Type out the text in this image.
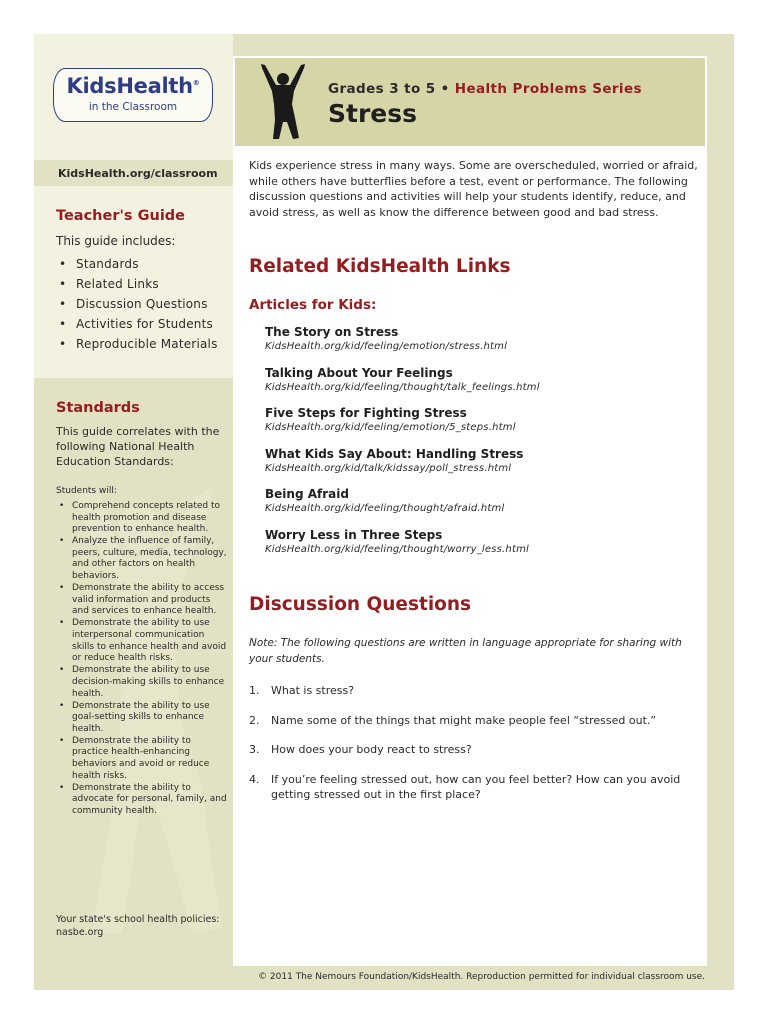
KidsHealth®
in the Classroom
KidsHealth.org/classroom
Teacher's Guide
This guide includes:
• Standards
• Related Links
• Discussion Questions
• Activities for Students
• Reproducible Materials
Standards
This guide correlates with the following National Health Education Standards:
Students will:
• Comprehend concepts related to health promotion and disease prevention to enhance health.
• Analyze the influence of family, peers, culture, media, technology, and other factors on health behaviors.
• Demonstrate the ability to access valid information and products and services to enhance health.
• Demonstrate the ability to use interpersonal communication skills to enhance health and avoid or reduce health risks.
• Demonstrate the ability to use decision-making skills to enhance health.
• Demonstrate the ability to use goal-setting skills to enhance health.
• Demonstrate the ability to practice health-enhancing behaviors and avoid or reduce health risks.
• Demonstrate the ability to advocate for personal, family, and community health.
Your state's school health policies: nasbe.org
Grades 3 to 5 • Health Problems Series
Stress
Kids experience stress in many ways. Some are overscheduled, worried or afraid, while others have butterflies before a test, event or performance. The following discussion questions and activities will help your students identify, reduce, and avoid stress, as well as know the difference between good and bad stress.
Related KidsHealth Links
Articles for Kids:
The Story on Stress
KidsHealth.org/kid/feeling/emotion/stress.html
Talking About Your Feelings
KidsHealth.org/kid/feeling/thought/talk_feelings.html
Five Steps for Fighting Stress
KidsHealth.org/kid/feeling/emotion/5_steps.html
What Kids Say About: Handling Stress
KidsHealth.org/kid/talk/kidssay/poll_stress.html
Being Afraid
KidsHealth.org/kid/feeling/thought/afraid.html
Worry Less in Three Steps
KidsHealth.org/kid/feeling/thought/worry_less.html
Discussion Questions
Note: The following questions are written in language appropriate for sharing with your students.
1. What is stress?
2. Name some of the things that might make people feel “stressed out.”
3. How does your body react to stress?
4. If you’re feeling stressed out, how can you feel better? How can you avoid getting stressed out in the first place?
© 2011 The Nemours Foundation/KidsHealth. Reproduction permitted for individual classroom use.
